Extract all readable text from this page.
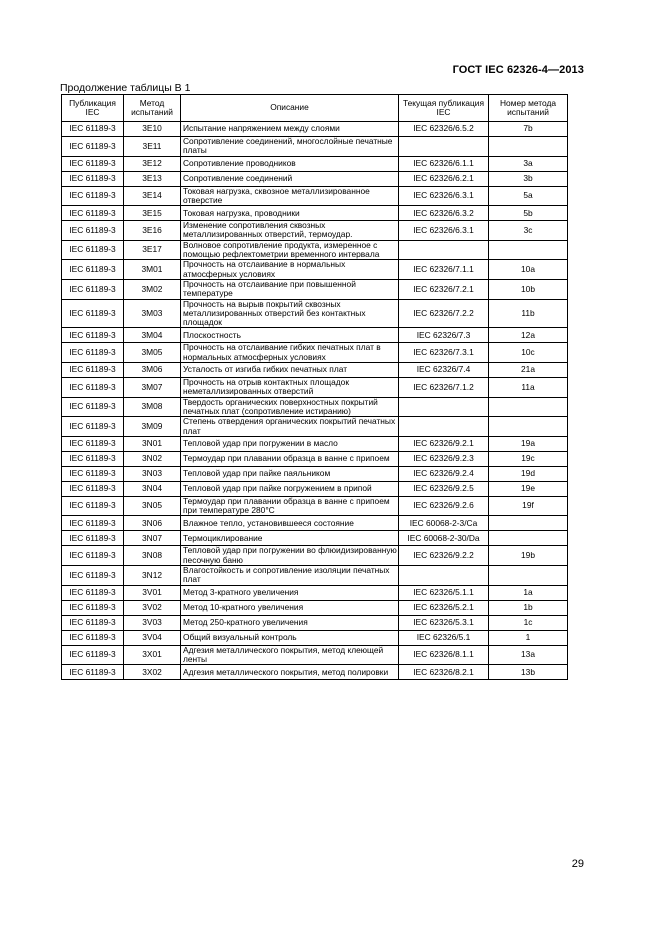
ГОСТ IEC 62326-4—2013
Продолжение таблицы В 1
Публикация IEC	Метод испытаний	Описание	Текущая публикация IEC	Номер метода испытаний
IEC 61189-3	3E10	Испытание напряжением между слоями	IEC 62326/6.5.2	7b
IEC 61189-3	3E11	Сопротивление соединений, многослойные печатные платы		
IEC 61189-3	3E12	Сопротивление проводников	IEC 62326/6.1.1	3a
IEC 61189-3	3E13	Сопротивление соединений	IEC 62326/6.2.1	3b
IEC 61189-3	3E14	Токовая нагрузка, сквозное металлизированное отверстие	IEC 62326/6.3.1	5a
IEC 61189-3	3E15	Токовая нагрузка, проводники	IEC 62326/6.3.2	5b
IEC 61189-3	3E16	Изменение сопротивления сквозных металлизированных отверстий, термоудар.	IEC 62326/6.3.1	3c
IEC 61189-3	3E17	Волновое сопротивление продукта, измеренное с помощью рефлектометрии временного интервала		
IEC 61189-3	3M01	Прочность на отслаивание в нормальных атмосферных условиях	IEC 62326/7.1.1	10a
IEC 61189-3	3M02	Прочность на отслаивание при повышенной температуре	IEC 62326/7.2.1	10b
IEC 61189-3	3M03	Прочность на вырыв покрытий сквозных металлизированных отверстий без контактных площадок	IEC 62326/7.2.2	11b
IEC 61189-3	3M04	Плоскостность	IEC 62326/7.3	12a
IEC 61189-3	3M05	Прочность на отслаивание гибких печатных плат в нормальных атмосферных условиях	IEC 62326/7.3.1	10c
IEC 61189-3	3M06	Усталость от изгиба гибких печатных плат	IEC 62326/7.4	21a
IEC 61189-3	3M07	Прочность на отрыв контактных площадок неметаллизированных отверстий	IEC 62326/7.1.2	11a
IEC 61189-3	3M08	Твердость органических поверхностных покрытий печатных плат (сопротивление истиранию)		
IEC 61189-3	3M09	Степень отвердения органических покрытий печатных плат		
IEC 61189-3	3N01	Тепловой удар при погружении в масло	IEC 62326/9.2.1	19a
IEC 61189-3	3N02	Термоудар при плавании образца в ванне с припоем	IEC 62326/9.2.3	19c
IEC 61189-3	3N03	Тепловой удар при пайке паяльником	IEC 62326/9.2.4	19d
IEC 61189-3	3N04	Тепловой удар при пайке погружением в припой	IEC 62326/9.2.5	19e
IEC 61189-3	3N05	Термоудар при плавании образца в ванне с припоем при температуре 280°C	IEC 62326/9.2.6	19f
IEC 61189-3	3N06	Влажное тепло, установившееся состояние	IEC 60068-2-3/Ca	
IEC 61189-3	3N07	Термоциклирование	IEC 60068-2-30/Da	
IEC 61189-3	3N08	Тепловой удар при погружении во флюидизированную песочную баню	IEC 62326/9.2.2	19b
IEC 61189-3	3N12	Влагостойкость и сопротивление изоляции печатных плат		
IEC 61189-3	3V01	Метод 3-кратного увеличения	IEC 62326/5.1.1	1a
IEC 61189-3	3V02	Метод 10-кратного увеличения	IEC 62326/5.2.1	1b
IEC 61189-3	3V03	Метод 250-кратного увеличения	IEC 62326/5.3.1	1c
IEC 61189-3	3V04	Общий визуальный контроль	IEC 62326/5.1	1
IEC 61189-3	3X01	Адгезия металлического покрытия, метод клеющей ленты	IEC 62326/8.1.1	13a
IEC 61189-3	3X02	Адгезия металлического покрытия, метод полировки	IEC 62326/8.2.1	13b
29
